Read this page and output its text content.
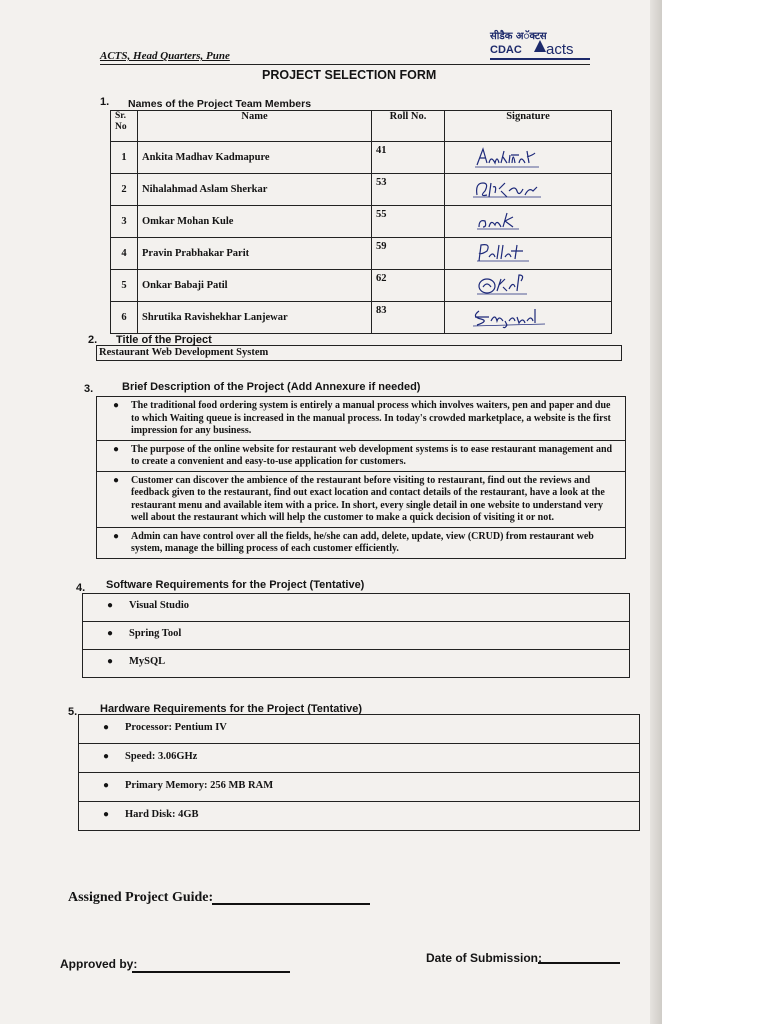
ACTS, Head Quarters, Pune
सीडैक अॅक्टस
CDAC acts
PROJECT SELECTION FORM
1. Names of the Project Team Members
Sr. No	Name	Roll No.	Signature
1	Ankita Madhav Kadmapure	41	
2	Nihalahmad Aslam Sherkar	53	
3	Omkar Mohan Kule	55	
4	Pravin Prabhakar Parit	59	
5	Onkar Babaji Patil	62	
6	Shrutika Ravishekhar Lanjewar	83	
2. Title of the Project
Restaurant Web Development System
3.	Brief Description of the Project (Add Annexure if needed)
● The traditional food ordering system is entirely a manual process which involves waiters, pen and paper and due to which Waiting queue is increased in the manual process. In today's crowded marketplace, a website is the first impression for any business.
● The purpose of the online website for restaurant web development systems is to ease restaurant management and to create a convenient and easy-to-use application for customers.
● Customer can discover the ambience of the restaurant before visiting to restaurant, find out the reviews and feedback given to the restaurant, find out exact location and contact details of the restaurant, have a look at the restaurant menu and available item with a price. In short, every single detail in one website to understand very well about the restaurant which will help the customer to make a quick decision of visiting it or not.
● Admin can have control over all the fields, he/she can add, delete, update, view (CRUD) from restaurant web system, manage the billing process of each customer efficiently.
4. Software Requirements for the Project (Tentative)
● Visual Studio
● Spring Tool
● MySQL
5. Hardware Requirements for the Project (Tentative)
● Processor: Pentium IV
● Speed: 3.06GHz
● Primary Memory: 256 MB RAM
● Hard Disk: 4GB
Assigned Project Guide:
Approved by:	Date of Submission:
